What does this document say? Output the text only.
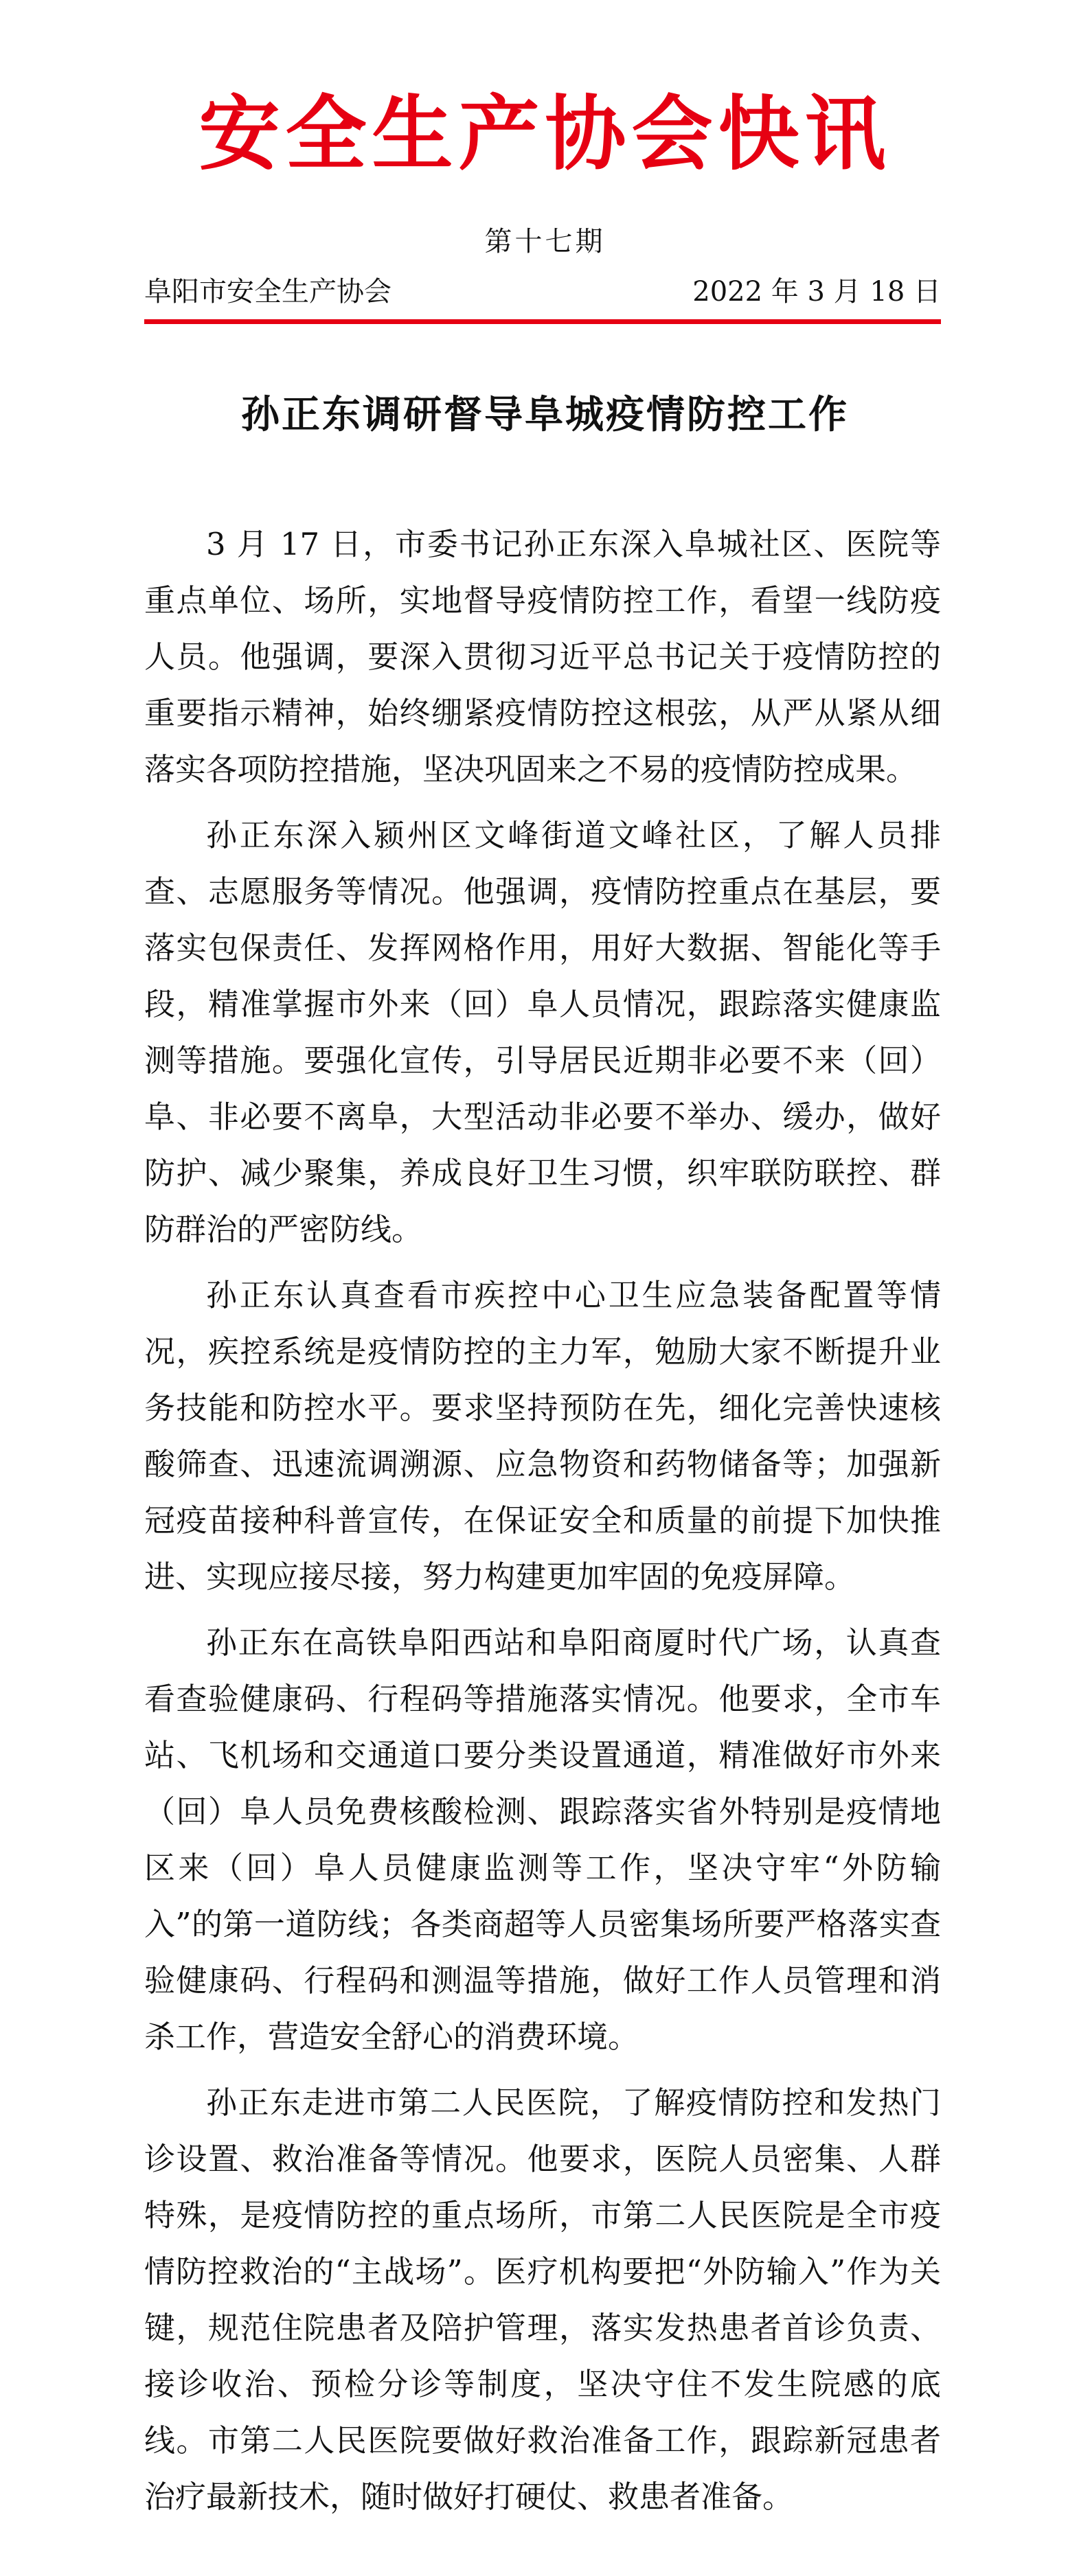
安全生产协会快讯
第十七期
阜阳市安全生产协会	2022 年 3 月 18 日
孙正东调研督导阜城疫情防控工作

3 月 17 日，市委书记孙正东深入阜城社区、医院等重点单位、场所，实地督导疫情防控工作，看望一线防疫人员。他强调，要深入贯彻习近平总书记关于疫情防控的重要指示精神，始终绷紧疫情防控这根弦，从严从紧从细落实各项防控措施，坚决巩固来之不易的疫情防控成果。

孙正东深入颍州区文峰街道文峰社区，了解人员排查、志愿服务等情况。他强调，疫情防控重点在基层，要落实包保责任、发挥网格作用，用好大数据、智能化等手段，精准掌握市外来（回）阜人员情况，跟踪落实健康监测等措施。要强化宣传，引导居民近期非必要不来（回）阜、非必要不离阜，大型活动非必要不举办、缓办，做好防护、减少聚集，养成良好卫生习惯，织牢联防联控、群防群治的严密防线。

孙正东认真查看市疾控中心卫生应急装备配置等情况，疾控系统是疫情防控的主力军，勉励大家不断提升业务技能和防控水平。要求坚持预防在先，细化完善快速核酸筛查、迅速流调溯源、应急物资和药物储备等；加强新冠疫苗接种科普宣传，在保证安全和质量的前提下加快推进、实现应接尽接，努力构建更加牢固的免疫屏障。

孙正东在高铁阜阳西站和阜阳商厦时代广场，认真查看查验健康码、行程码等措施落实情况。他要求，全市车站、飞机场和交通道口要分类设置通道，精准做好市外来（回）阜人员免费核酸检测、跟踪落实省外特别是疫情地区来（回）阜人员健康监测等工作，坚决守牢“外防输入”的第一道防线；各类商超等人员密集场所要严格落实查验健康码、行程码和测温等措施，做好工作人员管理和消杀工作，营造安全舒心的消费环境。

孙正东走进市第二人民医院，了解疫情防控和发热门诊设置、救治准备等情况。他要求，医院人员密集、人群特殊，是疫情防控的重点场所，市第二人民医院是全市疫情防控救治的“主战场”。医疗机构要把“外防输入”作为关键，规范住院患者及陪护管理，落实发热患者首诊负责、接诊收治、预检分诊等制度，坚决守住不发生院感的底线。市第二人民医院要做好救治准备工作，跟踪新冠患者治疗最新技术，随时做好打硬仗、救患者准备。
